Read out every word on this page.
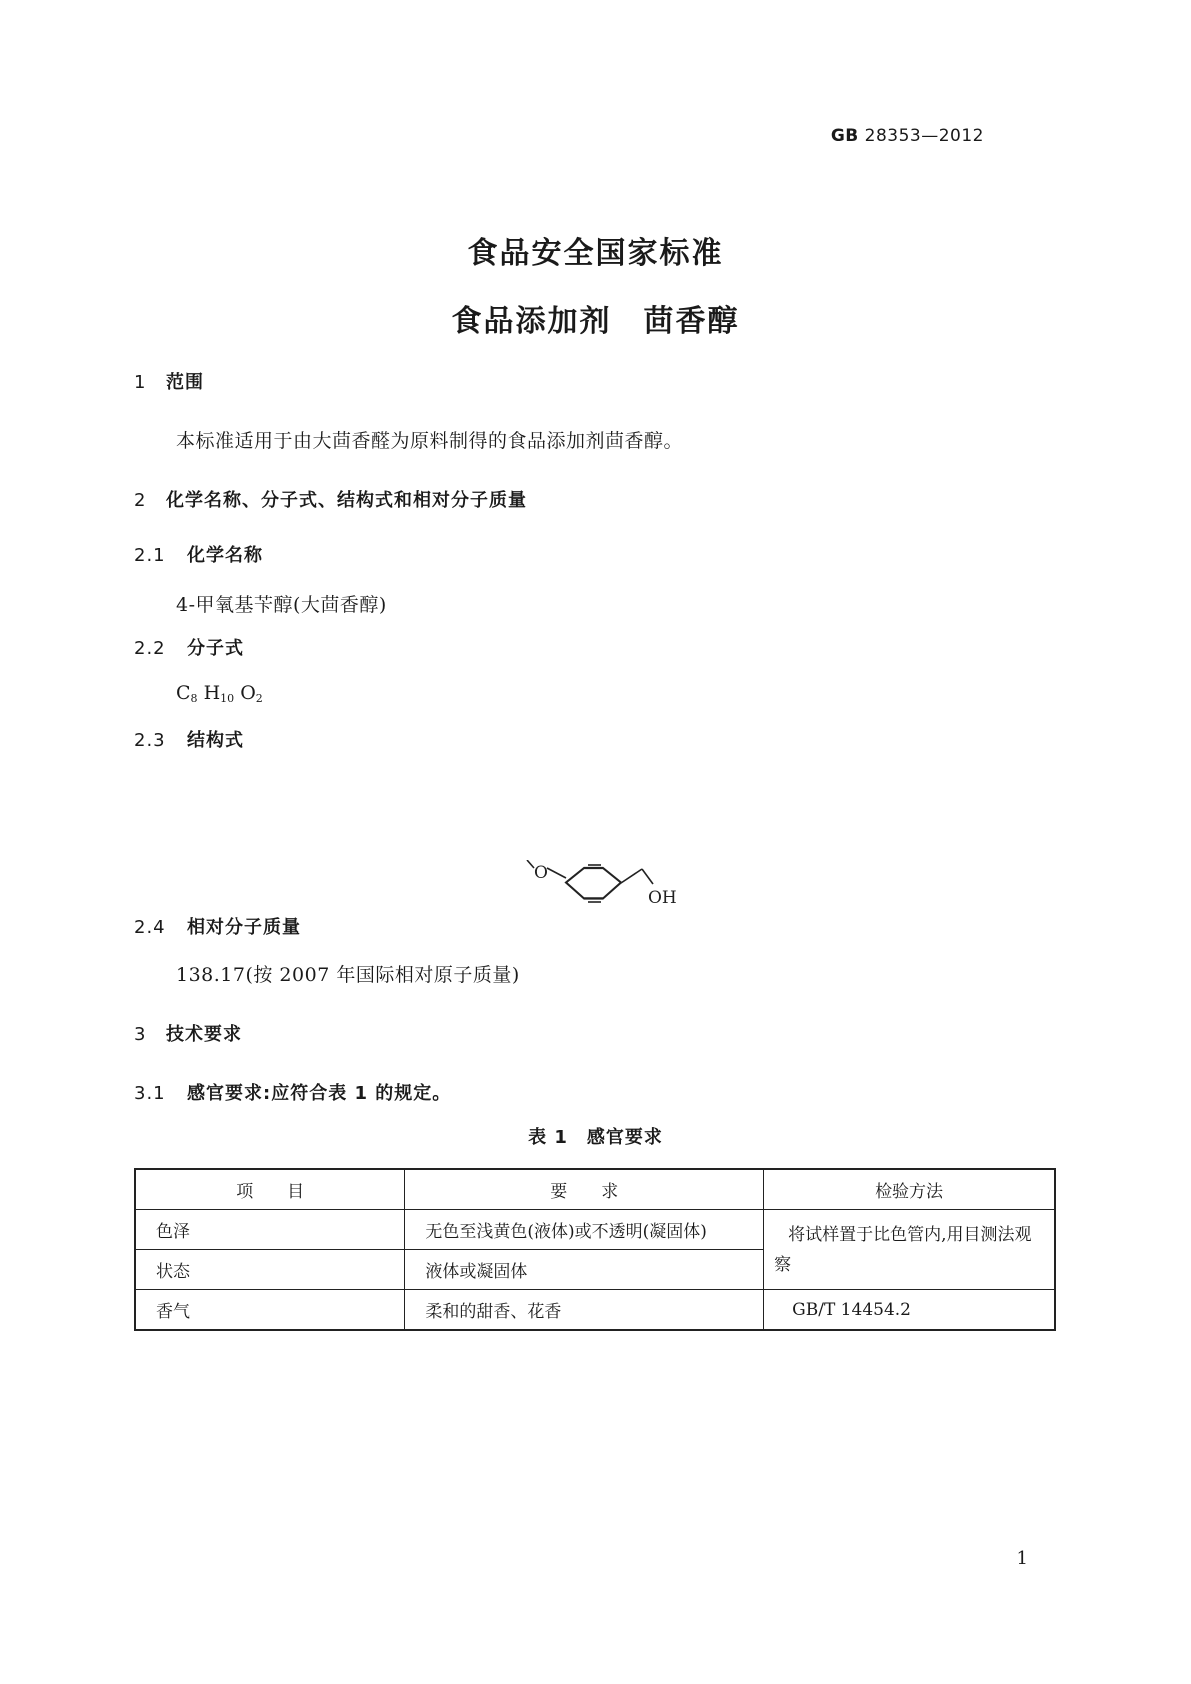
GB 28353—2012
食品安全国家标准
食品添加剂　茴香醇
1 范围
本标准适用于由大茴香醛为原料制得的食品添加剂茴香醇。
2 化学名称、分子式、结构式和相对分子质量
2.1 化学名称
4-甲氧基苄醇(大茴香醇)
2.2 分子式
$C_8$ $H_{10}$ $O_2$
2.3 结构式
O
OH
2.4 相对分子质量
138.17(按 2007 年国际相对原子质量)
3 技术要求
3.1 感官要求:应符合表 1 的规定。
表 1　感官要求
项　　目	要　　求	检验方法
色泽	无色至浅黄色(液体)或不透明(凝固体)	将试样置于比色管内,用目测法观察

状态	液体或凝固体	
香气	柔和的甜香、花香	GB/T 14454.2
1
